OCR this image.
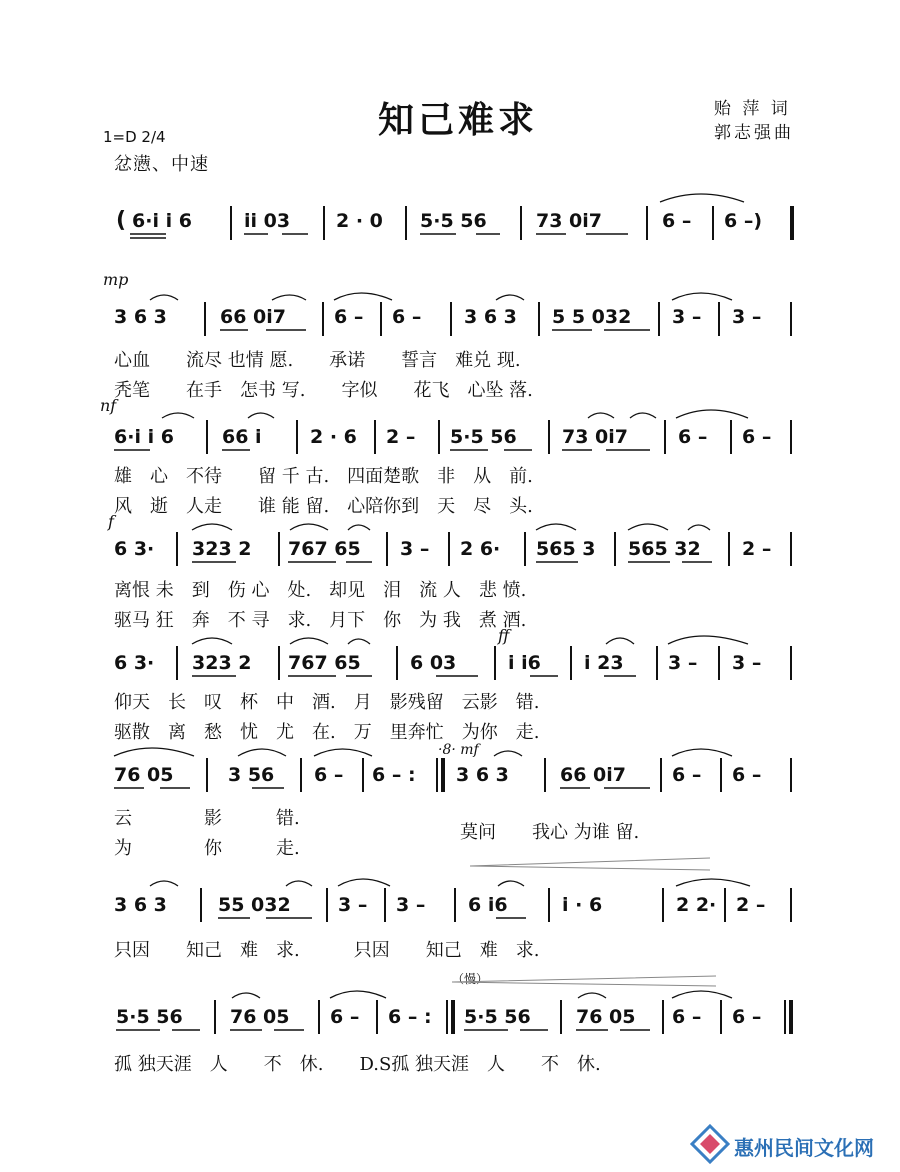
知己难求	贻 萍 词
郭志强曲
1=D 2/4
忿懑、中速
mp
nf
f
ff
·8· mf
（慢）
( 6·i i 6	ii 03 2 · 0 5·5 56	73 0i7	6 – 6 –)
3 6 3	66 0i7	6 – 6 – 3 6 3 5 5 032 3 – 3 –
心血　　流尽 也情 愿.　　承诺　　誓言　难兑 现.
秃笔　　在手　怎书 写.　　字似　　花飞　心坠 落.
6·i i 6	66 i	2 · 6 2 – 5·5 56 73 0i7	6 – 6 –
雄　心　不待　　留 千 古.　四面楚歌　非　从　前.
风　逝　人走　　谁 能 留.　心陪你到　天　尽　头.
6 3· 323 2 767 65 3 – 2 6· 565 3 565 32 2 –
离恨 未　到　伤 心　处.　却见　泪　流 人　悲 愤.
驱马 狂　奔　不 寻　求.　月下　你　为 我　煮 酒.
6 3· 323 2 767 65	6 03	i i6 i 23 3 – 3 –
仰天　长　叹　杯　中　酒.　月　影残留　云影　错.
驱散　离　愁　忧　尤　在.　万　里奔忙　为你　走.
76 05	3 56 6 – 6 – : 3 6 3	66 0i7 6 – 6 –
云　　　　影　　　错.
为　　　　你　　　走.
莫问　　我心 为谁 留.
3 6 3	55 032 3 – 3 – 6 i6	i · 6	2 2· 2 –
只因　　知己　难　求.　　　只因　　知己　难　求.
5·5 56 76 05 6 – 6 – : 5·5 56 76 05 6 – 6 –
孤 独天涯　人　　不　休.　　D.S孤 独天涯　人　　不　休.
惠州民间文化网
